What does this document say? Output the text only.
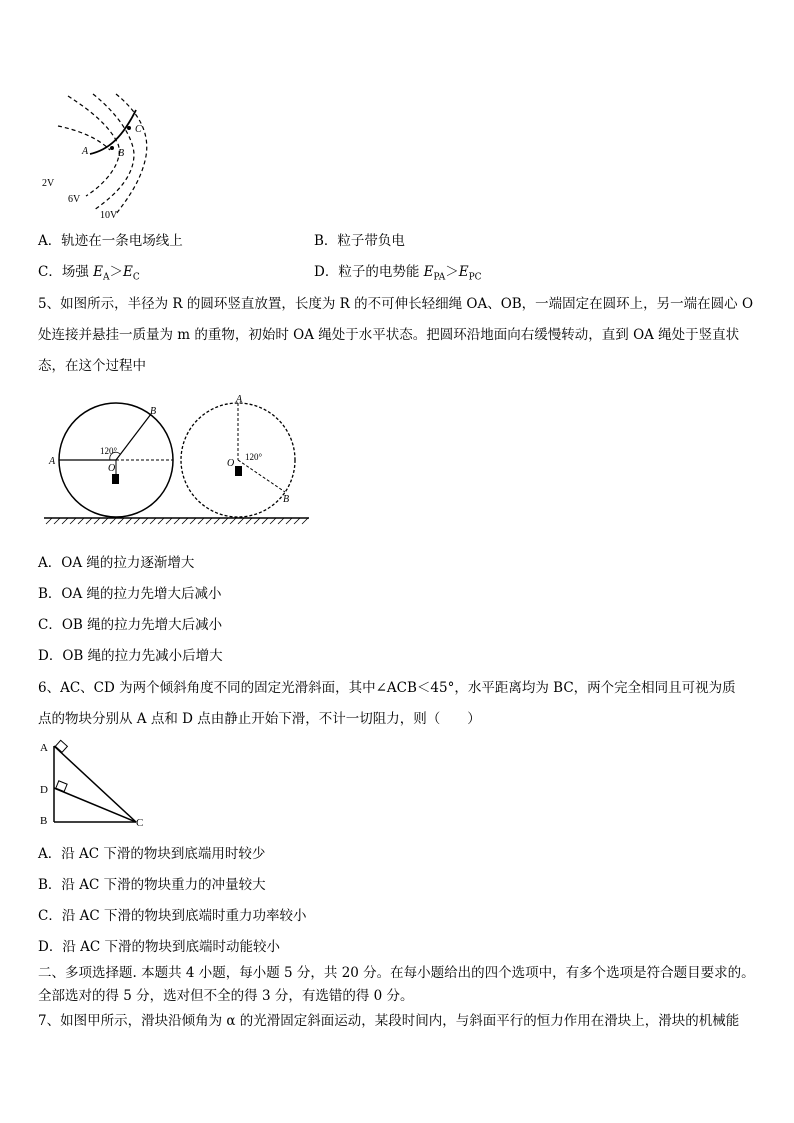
A	B
C
2V
6V
10V
A．轨迹在一条电场线上	B．粒子带负电
C．场强 $E_A>E_C$	D．粒子的电势能 $E_{PA}>E_{PC}$
5、如图所示，半径为 R 的圆环竖直放置，长度为 R 的不可伸长轻细绳 OA、OB，一端固定在圆环上，另一端在圆心 O
处连接并悬挂一质量为 m 的重物，初始时 OA 绳处于水平状态。把圆环沿地面向右缓慢转动，直到 OA 绳处于竖直状
态，在这个过程中
A
B
O
120°
A
B
O
120°
A．OA 绳的拉力逐渐增大
B．OA 绳的拉力先增大后减小
C．OB 绳的拉力先增大后减小
D．OB 绳的拉力先减小后增大
6、AC、CD 为两个倾斜角度不同的固定光滑斜面，其中∠ACB＜45°，水平距离均为 BC，两个完全相同且可视为质
点的物块分别从 A 点和 D 点由静止开始下滑，不计一切阻力，则（　　）
A
D
B	C
A．沿 AC 下滑的物块到底端用时较少
B．沿 AC 下滑的物块重力的冲量较大
C．沿 AC 下滑的物块到底端时重力功率较小
D．沿 AC 下滑的物块到底端时动能较小
二、多项选择题. 本题共 4 小题，每小题 5 分，共 20 分。在每小题给出的四个选项中，有多个选项是符合题目要求的。
全部选对的得 5 分，选对但不全的得 3 分，有选错的得 0 分。
7、如图甲所示，滑块沿倾角为 α 的光滑固定斜面运动，某段时间内，与斜面平行的恒力作用在滑块上，滑块的机械能
